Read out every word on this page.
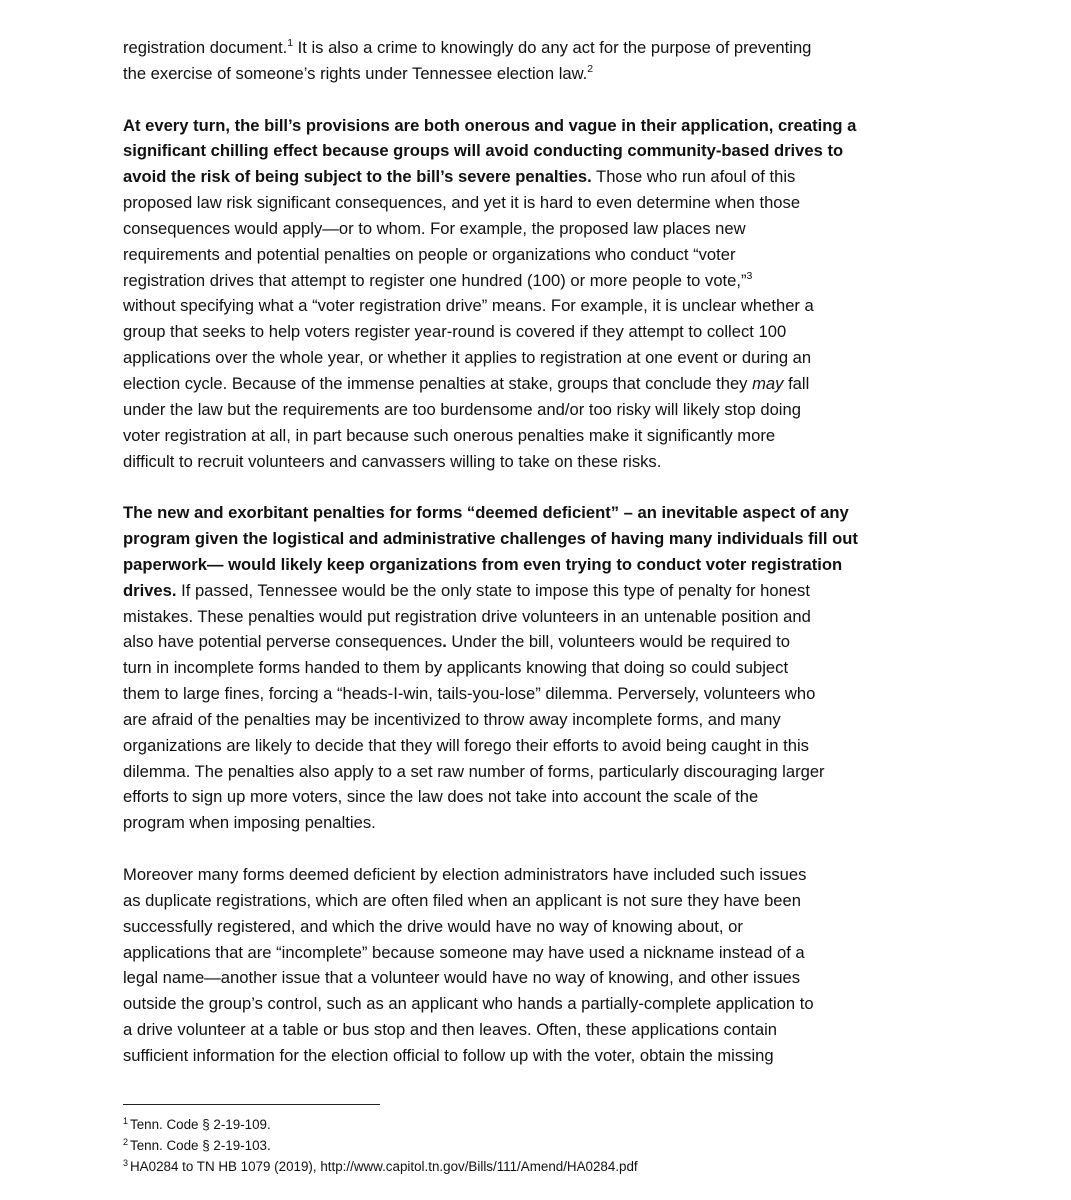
registration document.$^1$ It is also a crime to knowingly do any act for the purpose of preventing
the exercise of someone’s rights under Tennessee election law.$^2$
At every turn, the bill’s provisions are both onerous and vague in their application, creating a
significant chilling effect because groups will avoid conducting community-based drives to
avoid the risk of being subject to the bill’s severe penalties. Those who run afoul of this
proposed law risk significant consequences, and yet it is hard to even determine when those
consequences would apply—or to whom. For example, the proposed law places new
requirements and potential penalties on people or organizations who conduct “voter
registration drives that attempt to register one hundred (100) or more people to vote,”$^3$
without specifying what a “voter registration drive” means. For example, it is unclear whether a
group that seeks to help voters register year-round is covered if they attempt to collect 100
applications over the whole year, or whether it applies to registration at one event or during an
election cycle. Because of the immense penalties at stake, groups that conclude they may fall
under the law but the requirements are too burdensome and/or too risky will likely stop doing
voter registration at all, in part because such onerous penalties make it significantly more
difficult to recruit volunteers and canvassers willing to take on these risks.
The new and exorbitant penalties for forms “deemed deficient” – an inevitable aspect of any
program given the logistical and administrative challenges of having many individuals fill out
paperwork— would likely keep organizations from even trying to conduct voter registration
drives. If passed, Tennessee would be the only state to impose this type of penalty for honest
mistakes. These penalties would put registration drive volunteers in an untenable position and
also have potential perverse consequences. Under the bill, volunteers would be required to
turn in incomplete forms handed to them by applicants knowing that doing so could subject
them to large fines, forcing a “heads-I-win, tails-you-lose” dilemma. Perversely, volunteers who
are afraid of the penalties may be incentivized to throw away incomplete forms, and many
organizations are likely to decide that they will forego their efforts to avoid being caught in this
dilemma. The penalties also apply to a set raw number of forms, particularly discouraging larger
efforts to sign up more voters, since the law does not take into account the scale of the
program when imposing penalties.
Moreover many forms deemed deficient by election administrators have included such issues
as duplicate registrations, which are often filed when an applicant is not sure they have been
successfully registered, and which the drive would have no way of knowing about, or
applications that are “incomplete” because someone may have used a nickname instead of a
legal name—another issue that a volunteer would have no way of knowing, and other issues
outside the group’s control, such as an applicant who hands a partially-complete application to
a drive volunteer at a table or bus stop and then leaves. Often, these applications contain
sufficient information for the election official to follow up with the voter, obtain the missing
$^1$ Tenn. Code § 2-19-109.
$^2$ Tenn. Code § 2-19-103.
$^3$ HA0284 to TN HB 1079 (2019), http://www.capitol.tn.gov/Bills/111/Amend/HA0284.pdf
